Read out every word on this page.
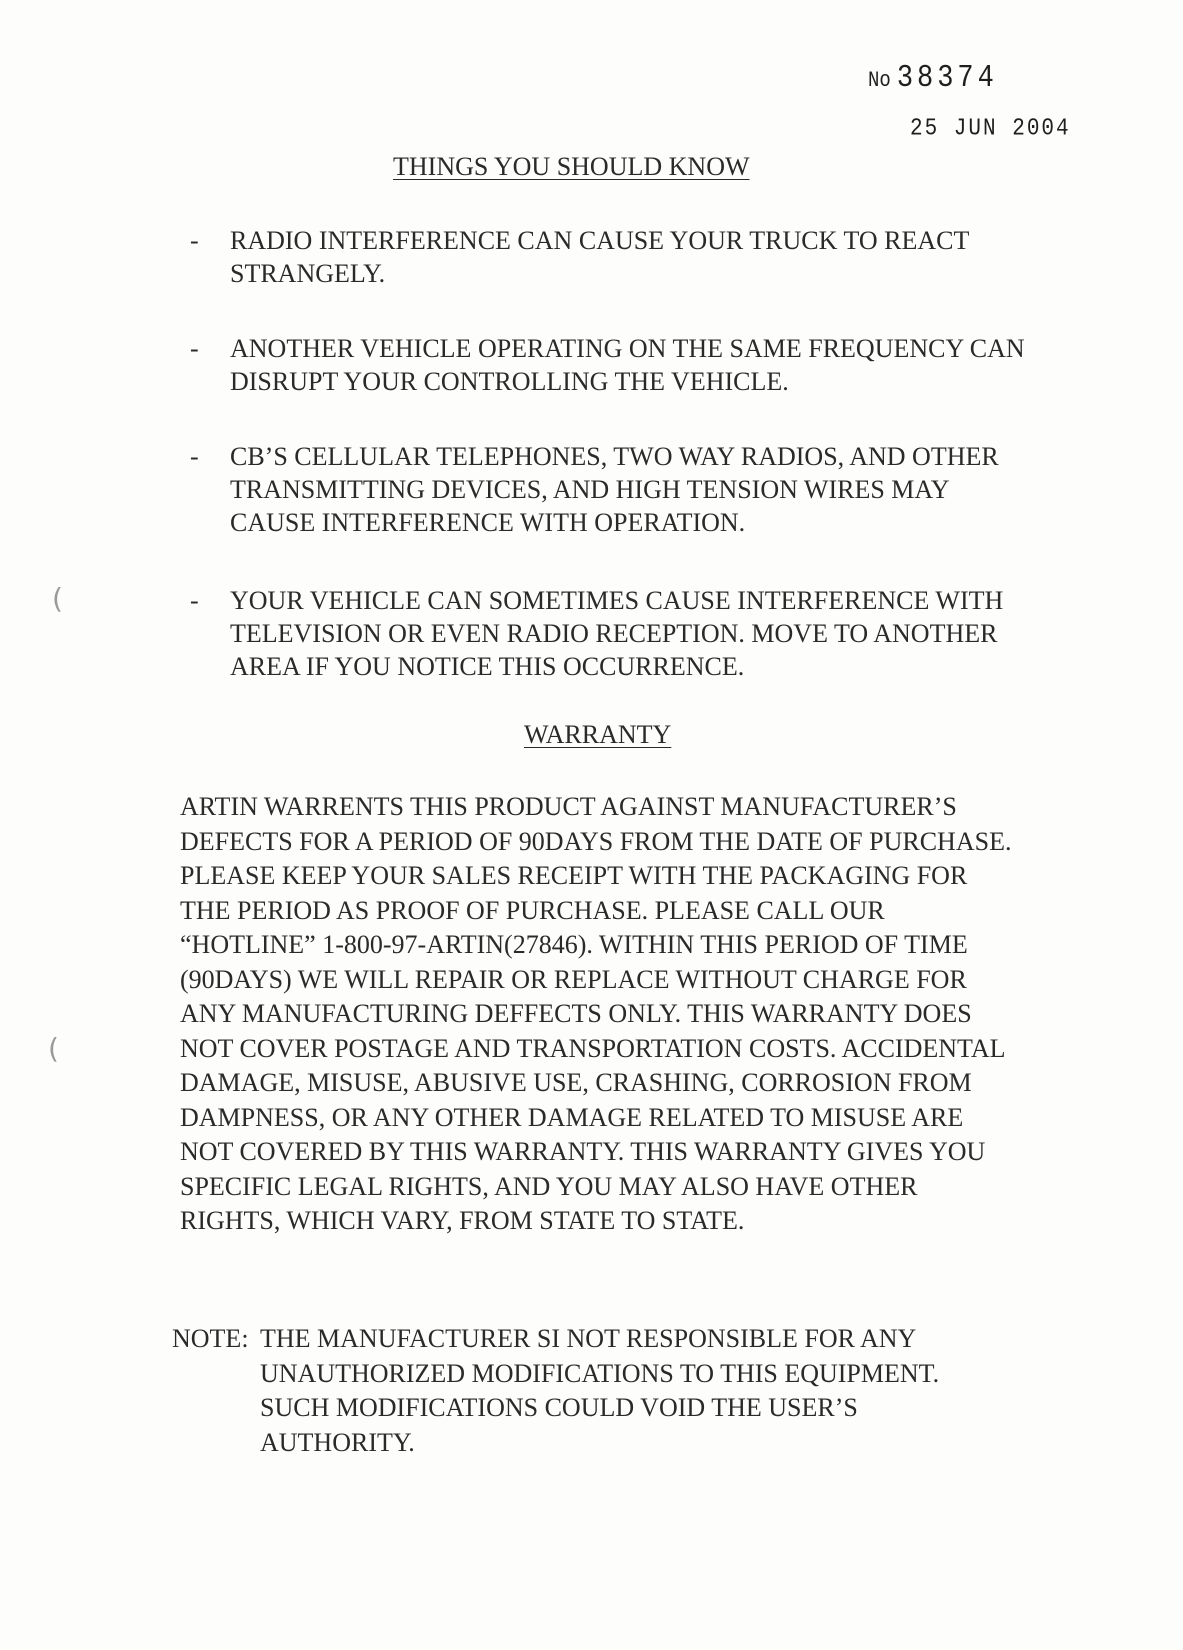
No 38374
25 JUN 2004
THINGS YOU SHOULD KNOW
- RADIO INTERFERENCE CAN CAUSE YOUR TRUCK TO REACT
STRANGELY.
- ANOTHER VEHICLE OPERATING ON THE SAME FREQUENCY CAN
DISRUPT YOUR CONTROLLING THE VEHICLE.
- CB’S CELLULAR TELEPHONES, TWO WAY RADIOS, AND OTHER
TRANSMITTING DEVICES, AND HIGH TENSION WIRES MAY
CAUSE INTERFERENCE WITH OPERATION.
- YOUR VEHICLE CAN SOMETIMES CAUSE INTERFERENCE WITH
TELEVISION OR EVEN RADIO RECEPTION. MOVE TO ANOTHER
AREA IF YOU NOTICE THIS OCCURRENCE.
WARRANTY
ARTIN WARRENTS THIS PRODUCT AGAINST MANUFACTURER’S
DEFECTS FOR A PERIOD OF 90DAYS FROM THE DATE OF PURCHASE.
PLEASE KEEP YOUR SALES RECEIPT WITH THE PACKAGING FOR
THE PERIOD AS PROOF OF PURCHASE. PLEASE CALL OUR
“HOTLINE” 1-800-97-ARTIN(27846). WITHIN THIS PERIOD OF TIME
(90DAYS) WE WILL REPAIR OR REPLACE WITHOUT CHARGE FOR
ANY MANUFACTURING DEFFECTS ONLY. THIS WARRANTY DOES
NOT COVER POSTAGE AND TRANSPORTATION COSTS. ACCIDENTAL
DAMAGE, MISUSE, ABUSIVE USE, CRASHING, CORROSION FROM
DAMPNESS, OR ANY OTHER DAMAGE RELATED TO MISUSE ARE
NOT COVERED BY THIS WARRANTY. THIS WARRANTY GIVES YOU
SPECIFIC LEGAL RIGHTS, AND YOU MAY ALSO HAVE OTHER
RIGHTS, WHICH VARY, FROM STATE TO STATE.
NOTE: THE MANUFACTURER SI NOT RESPONSIBLE FOR ANY
UNAUTHORIZED MODIFICATIONS TO THIS EQUIPMENT.
SUCH MODIFICATIONS COULD VOID THE USER’S
AUTHORITY.
(
(
